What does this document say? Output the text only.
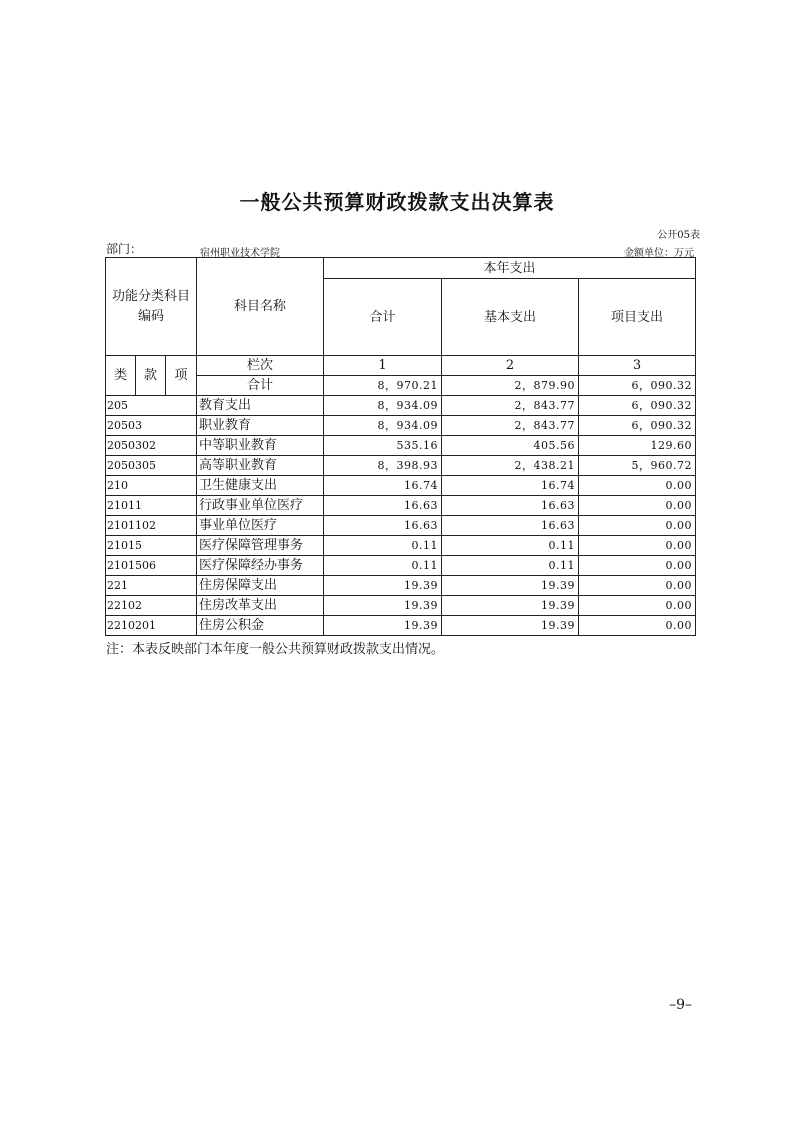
一般公共预算财政拨款支出决算表
公开05表
部门：	宿州职业技术学院	金额单位：万元
功能分类科目编码			科目名称	本年支出		
				合计	基本支出	项目支出
类	款	项	栏次	1	2	3
			合计	8，970.21	2，879.90	6，090.32
205			教育支出	8，934.09	2，843.77	6，090.32
20503			职业教育	8，934.09	2，843.77	6，090.32
2050302			中等职业教育	535.16	405.56	129.60
2050305			高等职业教育	8，398.93	2，438.21	5，960.72
210			卫生健康支出	16.74	16.74	0.00
21011			行政事业单位医疗	16.63	16.63	0.00
2101102			事业单位医疗	16.63	16.63	0.00
21015			医疗保障管理事务	0.11	0.11	0.00
2101506			医疗保障经办事务	0.11	0.11	0.00
221			住房保障支出	19.39	19.39	0.00
22102			住房改革支出	19.39	19.39	0.00
2210201			住房公积金	19.39	19.39	0.00
注：本表反映部门本年度一般公共预算财政拨款支出情况。
–9–
